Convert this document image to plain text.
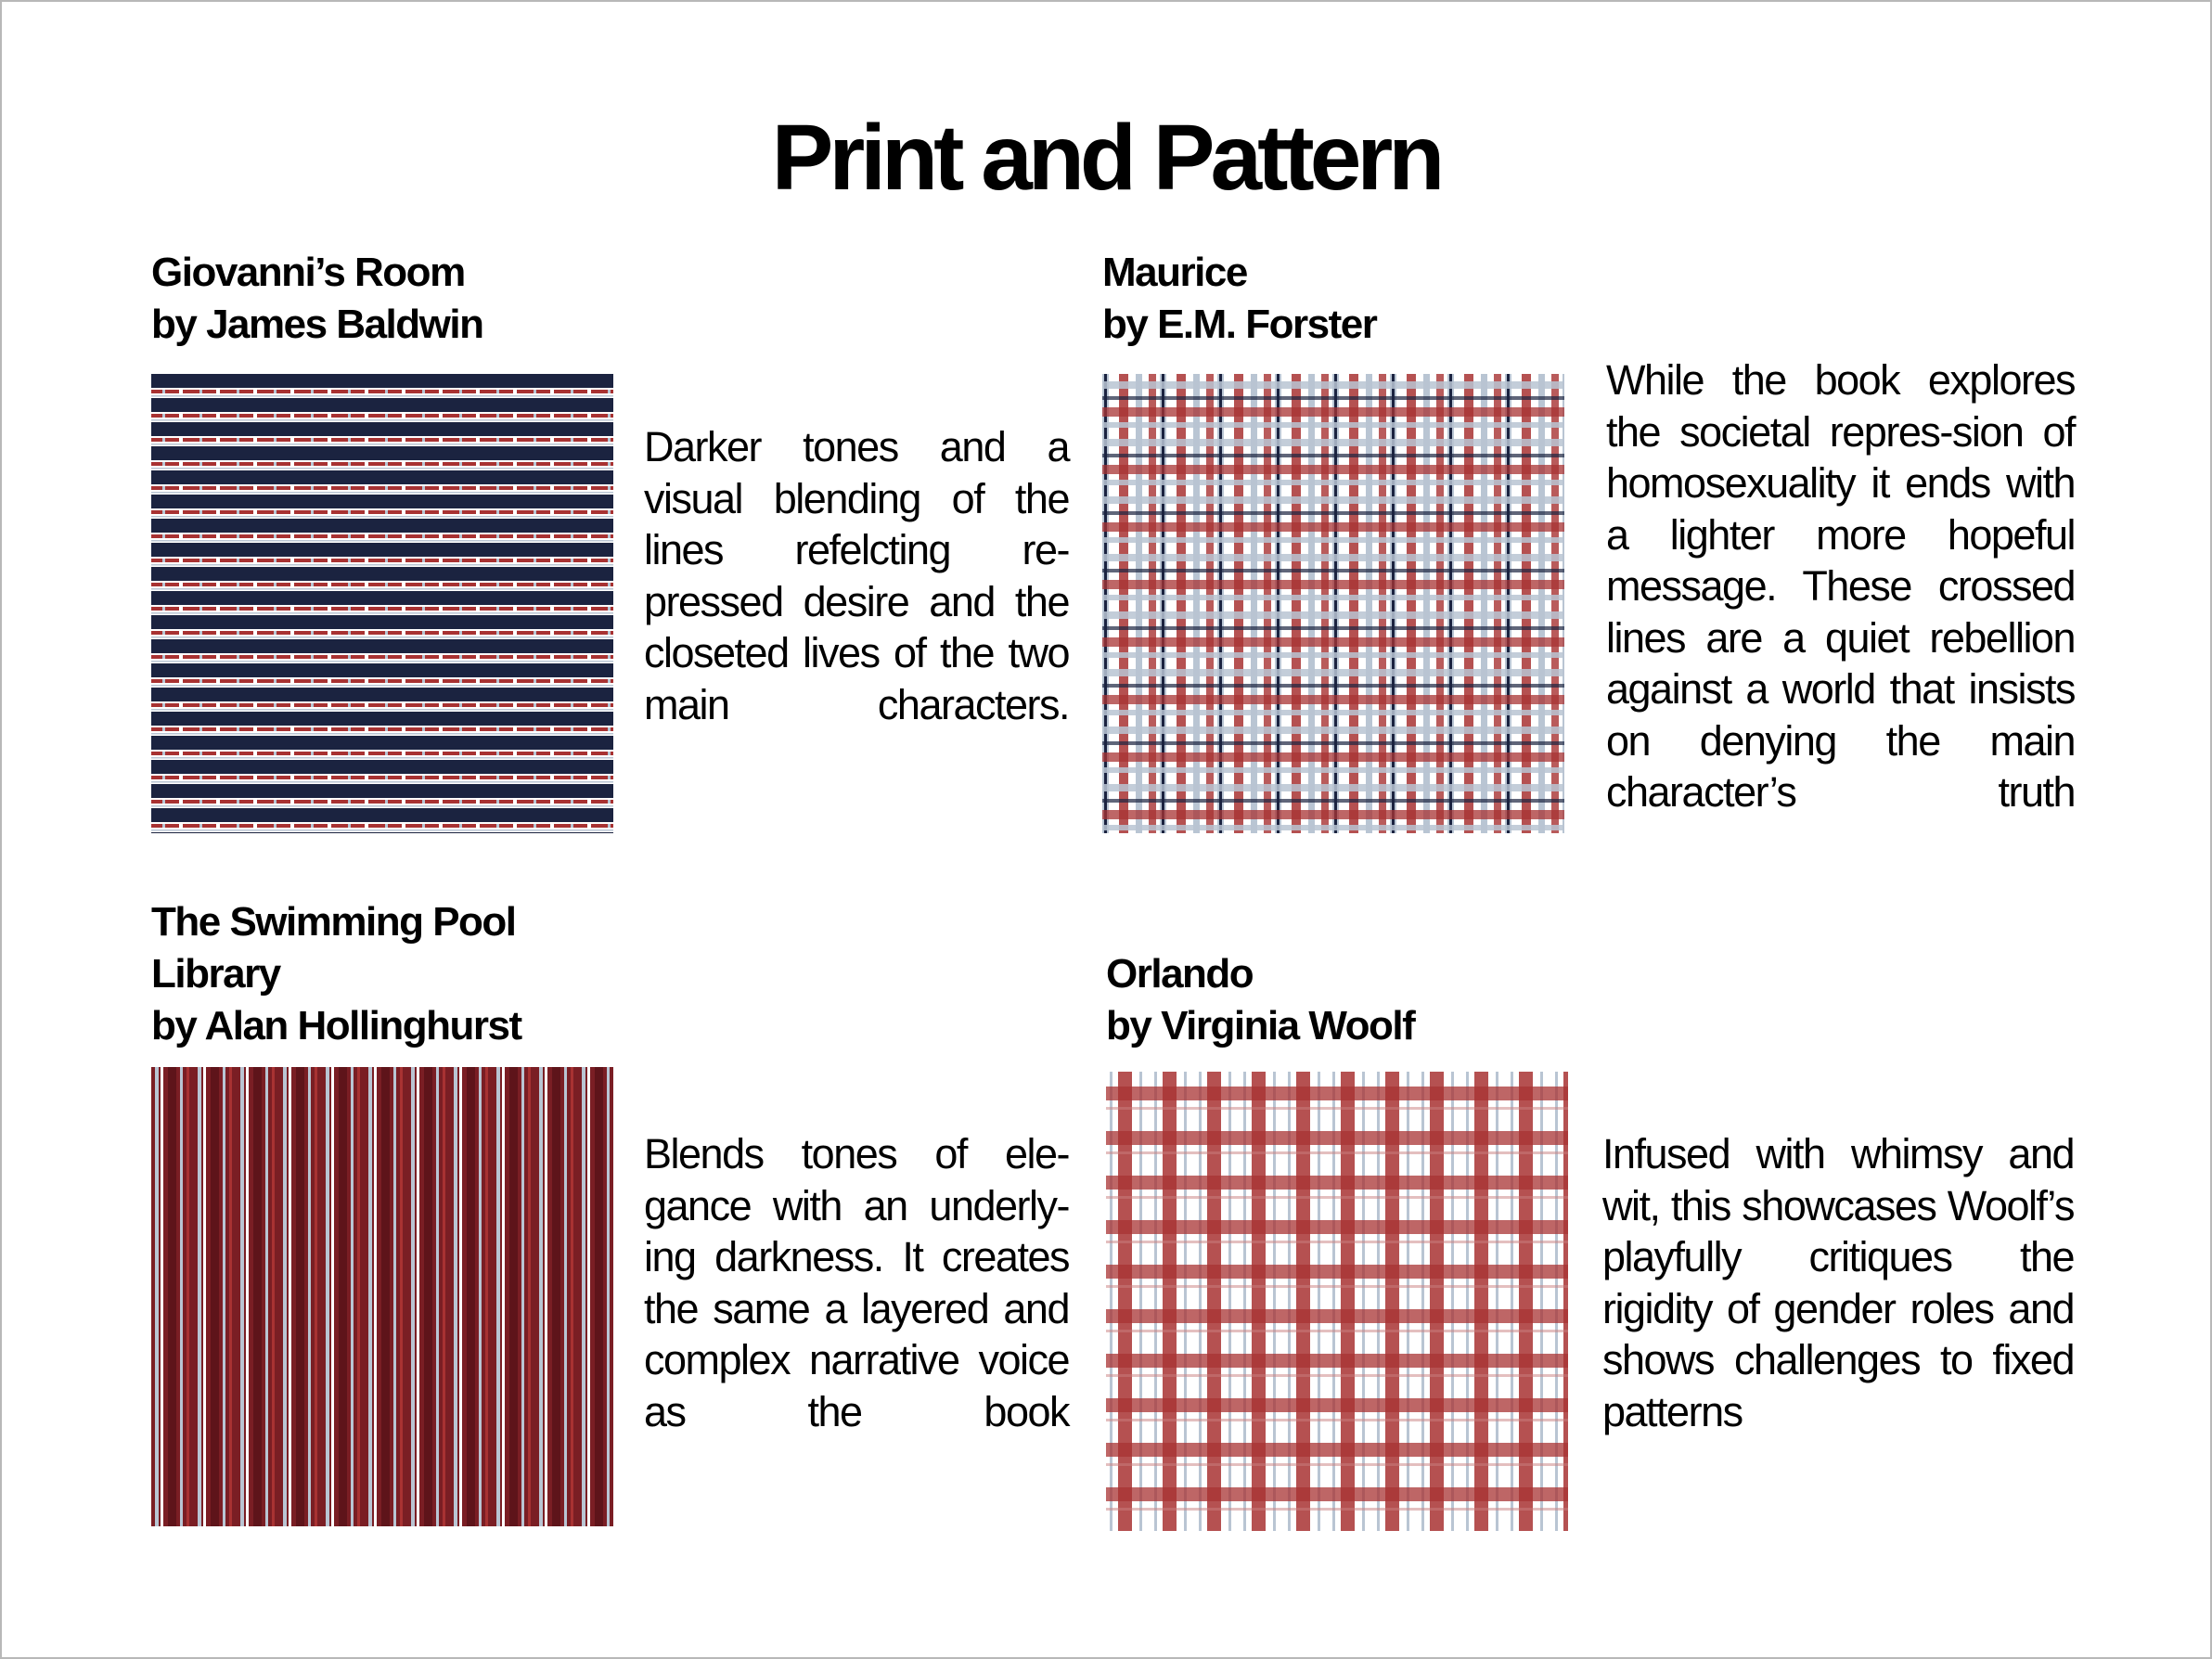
Print and Pattern
Giovanni’s Room
by James Baldwin
Darker tones and a visual blending of the lines refelcting re-pressed desire and the closeted lives of the two main characters.
Maurice
by E.M. Forster
While the book explores the societal repres-sion of homosexuality it ends with a lighter more hopeful message. These crossed lines are a quiet rebellion against a world that insists on denying the main character’s truth
The Swimming Pool
Library
by Alan Hollinghurst
Blends tones of ele-gance with an underly-ing darkness. It creates the same a layered and complex narrative voice as the book
Orlando
by Virginia Woolf
Infused with whimsy and wit, this showcases Woolf’s playfully critiques the rigidity of gender roles and shows challenges to fixed patterns
